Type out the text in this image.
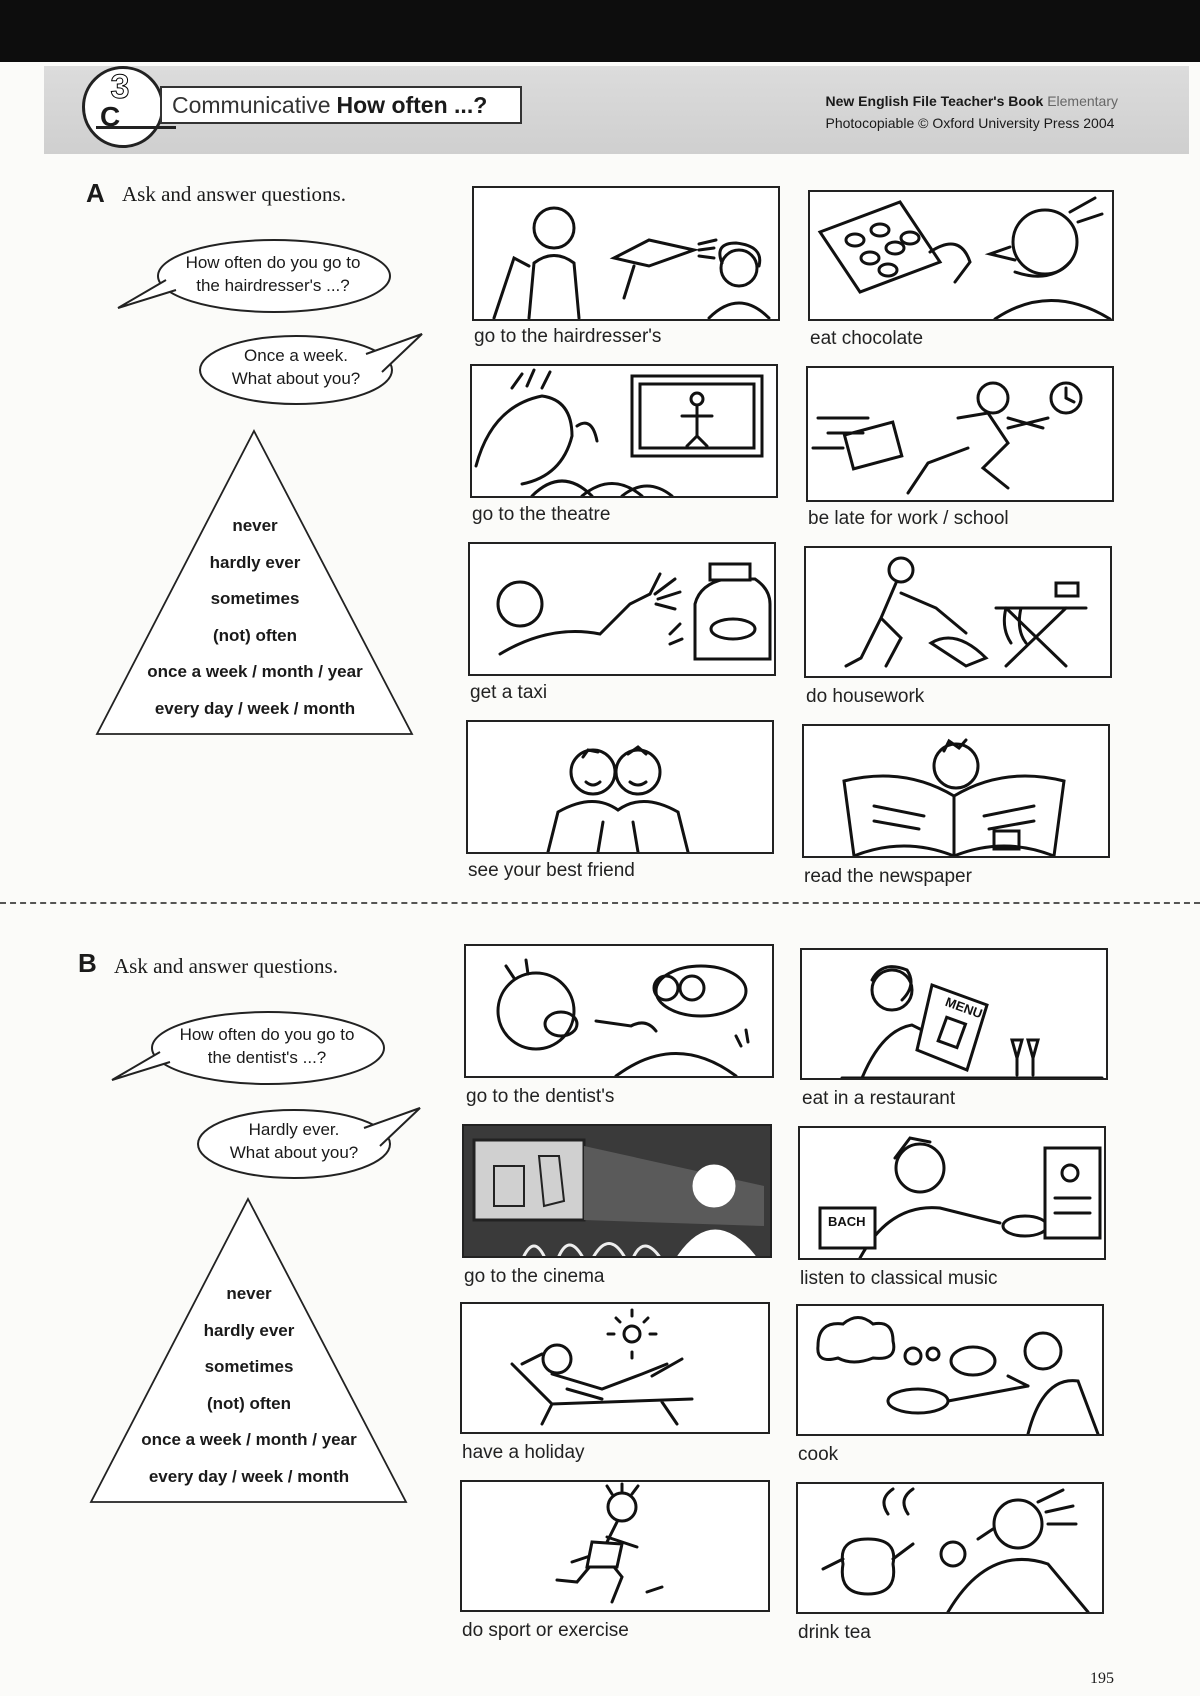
3
C	Communicative How often ...?	New English File Teacher's Book Elementary
Photocopiable © Oxford University Press 2004
A Ask and answer questions.
How often do you go to
the hairdresser's ...?
Once a week.
What about you?
never
hardly ever
sometimes
(not) often
once a week / month / year
every day / week / month
go to the hairdresser's	eat chocolate
go to the theatre	be late for work / school
get a taxi	do housework
see your best friend	read the newspaper
B Ask and answer questions.
How often do you go to
the dentist's ...?
Hardly ever.
What about you?
never
hardly ever
sometimes
(not) often
once a week / month / year
every day / week / month
go to the dentist's
MENU
eat in a restaurant
go to the cinema
BACH
listen to classical music
have a holiday	cook
do sport or exercise	drink tea
195
